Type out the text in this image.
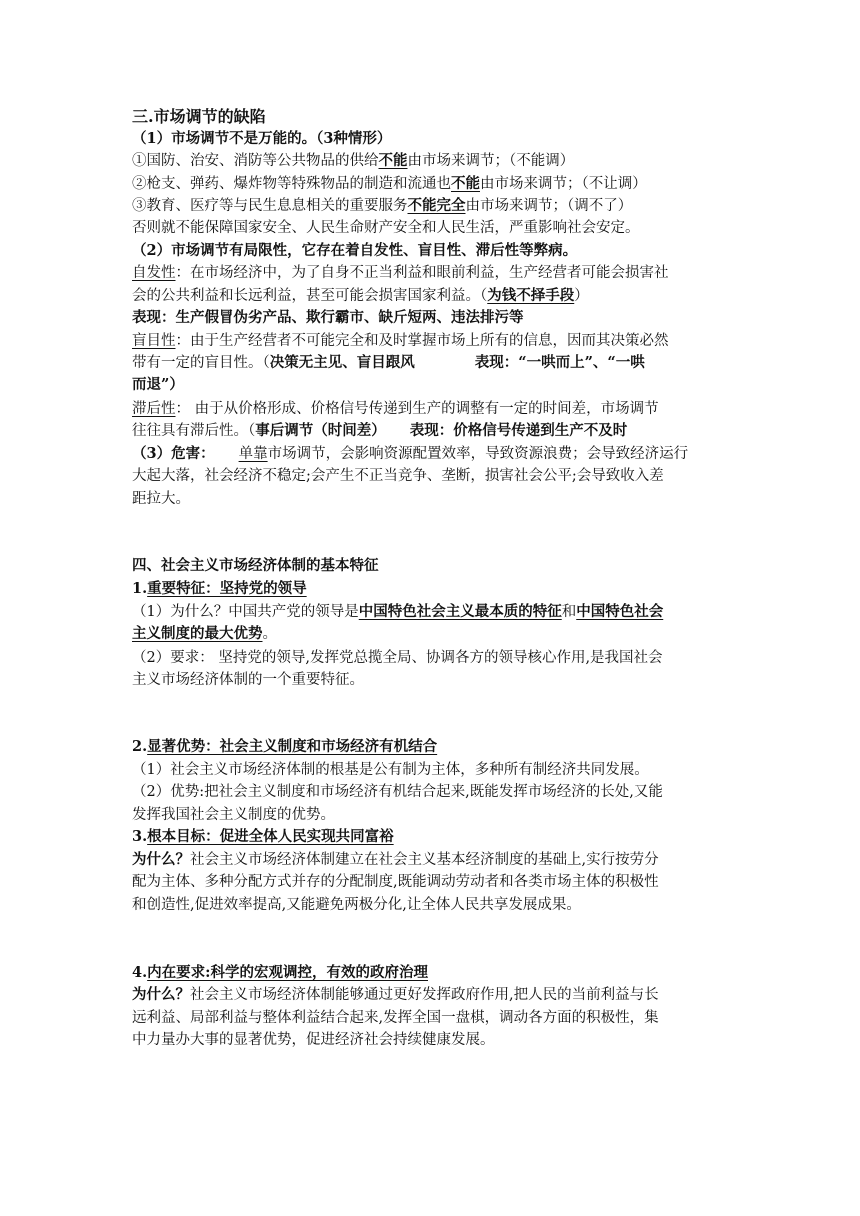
三.市场调节的缺陷
（1）市场调节不是万能的。（3种情形）
①国防、治安、消防等公共物品的供给不能由市场来调节；（不能调）
②枪支、弹药、爆炸物等特殊物品的制造和流通也不能由市场来调节；（不让调）
③教育、医疗等与民生息息相关的重要服务不能完全由市场来调节；（调不了）
否则就不能保障国家安全、人民生命财产安全和人民生活，严重影响社会安定。
（2）市场调节有局限性，它存在着自发性、盲目性、滞后性等弊病。
自发性：在市场经济中，为了自身不正当利益和眼前利益，生产经营者可能会损害社
会的公共利益和长远利益，甚至可能会损害国家利益。（为钱不择手段）
表现：生产假冒伪劣产品、欺行霸市、缺斤短两、违法排污等
盲目性：由于生产经营者不可能完全和及时掌握市场上所有的信息，因而其决策必然
带有一定的盲目性。（决策无主见、盲目跟风	表现：“一哄而上”、“一哄
而退”）
滞后性： 由于从价格形成、价格信号传递到生产的调整有一定的时间差，市场调节
往往具有滞后性。（事后调节（时间差） 表现：价格信号传递到生产不及时
（3）危害： 单靠市场调节，会影响资源配置效率，导致资源浪费；会导致经济运行
大起大落，社会经济不稳定;会产生不正当竞争、垄断，损害社会公平;会导致收入差
距拉大。
四、社会主义市场经济体制的基本特征
1.重要特征：坚持党的领导
（1）为什么？中国共产党的领导是中国特色社会主义最本质的特征和中国特色社会
主义制度的最大优势。
（2）要求： 坚持党的领导,发挥党总揽全局、协调各方的领导核心作用,是我国社会
主义市场经济体制的一个重要特征。
2.显著优势：社会主义制度和市场经济有机结合
（1）社会主义市场经济体制的根基是公有制为主体，多种所有制经济共同发展。
（2）优势:把社会主义制度和市场经济有机结合起来,既能发挥市场经济的长处,又能
发挥我国社会主义制度的优势。
3.根本目标：促进全体人民实现共同富裕
为什么？社会主义市场经济体制建立在社会主义基本经济制度的基础上,实行按劳分
配为主体、多种分配方式并存的分配制度,既能调动劳动者和各类市场主体的积极性
和创造性,促进效率提高,又能避免两极分化,让全体人民共享发展成果。
4.内在要求:科学的宏观调控，有效的政府治理
为什么？社会主义市场经济体制能够通过更好发挥政府作用,把人民的当前利益与长
远利益、局部利益与整体利益结合起来,发挥全国一盘棋，调动各方面的积极性，集
中力量办大事的显著优势，促进经济社会持续健康发展。
